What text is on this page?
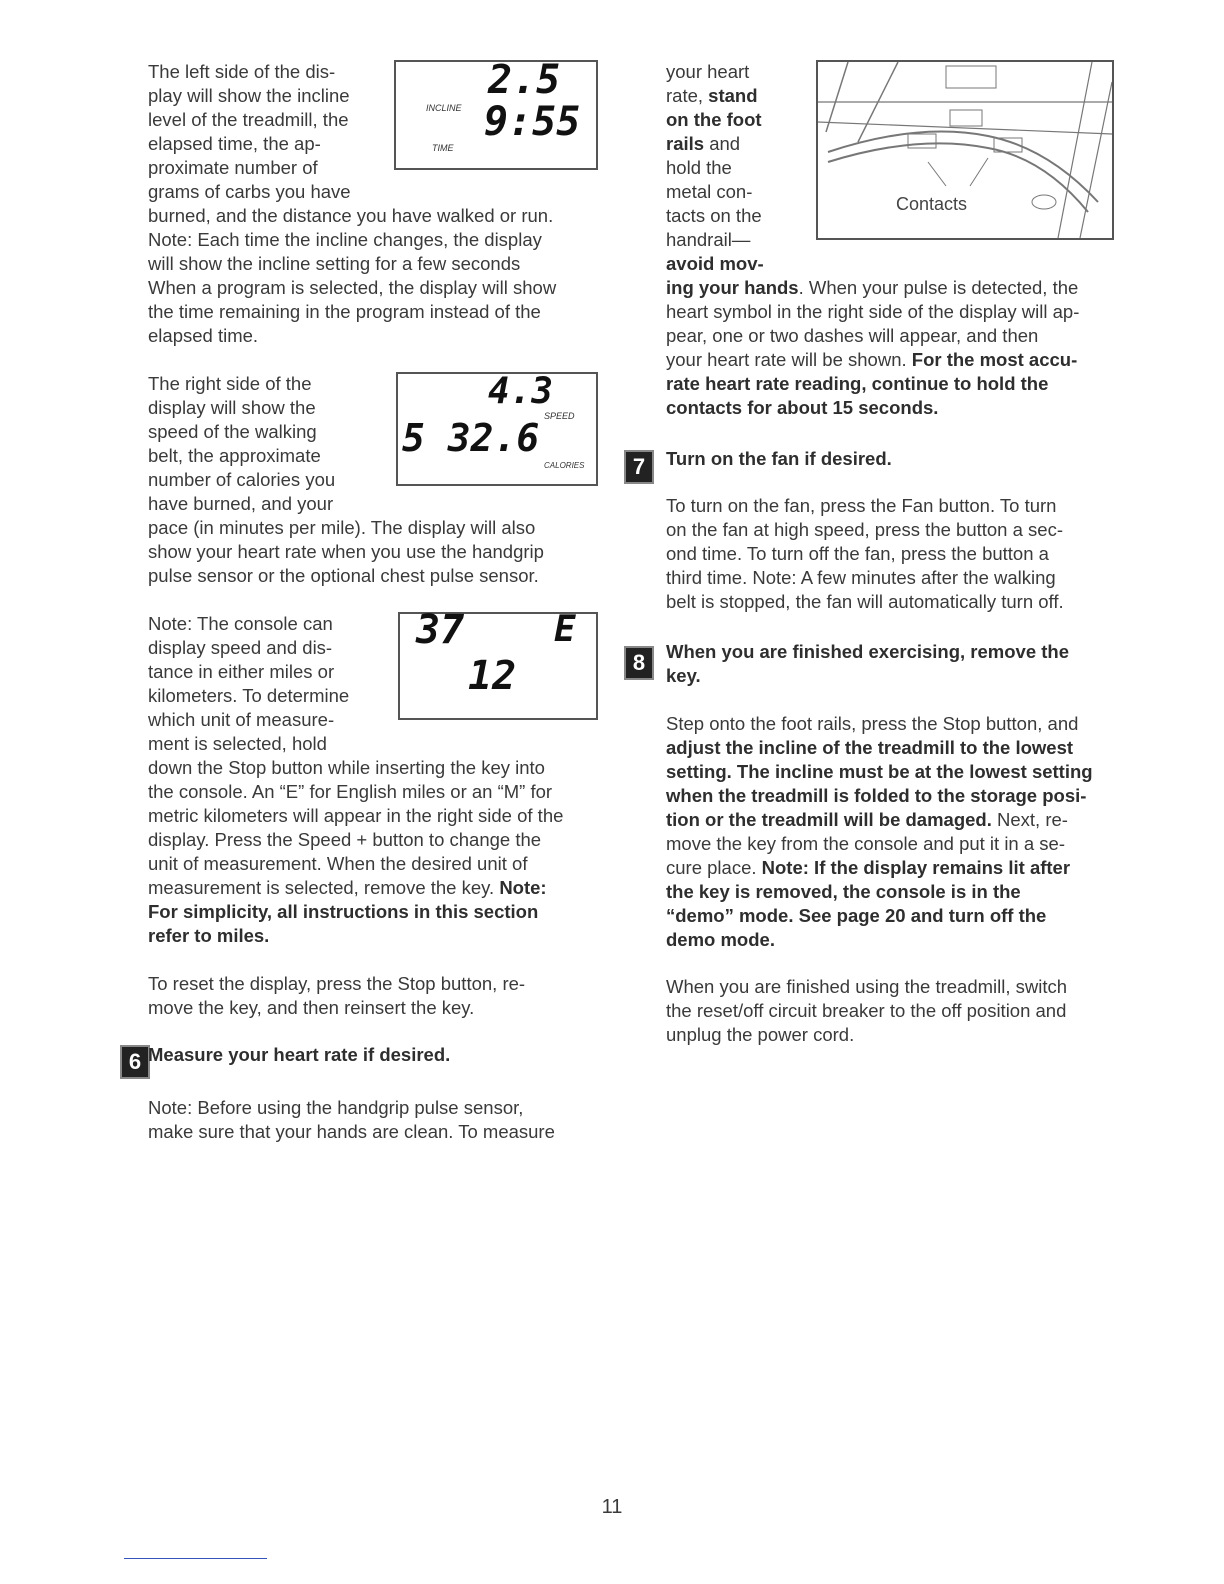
INCLINE
TIME
2.5
9:55

The left side of the dis-
play will show the incline
level of the treadmill, the
elapsed time, the ap-
proximate number of
grams of carbs you have
burned, and the distance you have walked or run.
Note: Each time the incline changes, the display
will show the incline setting for a few seconds
When a program is selected, the display will show
the time remaining in the program instead of the
elapsed time.

4.3
SPEED
5 32.6
CALORIES

The right side of the
display will show the
speed of the walking
belt, the approximate
number of calories you
have burned, and your
pace (in minutes per mile). The display will also
show your heart rate when you use the handgrip
pulse sensor or the optional chest pulse sensor.

37 E
12

Note: The console can
display speed and dis-
tance in either miles or
kilometers. To determine
which unit of measure-
ment is selected, hold
down the Stop button while inserting the key into
the console. An “E” for English miles or an “M” for
metric kilometers will appear in the right side of the
display. Press the Speed + button to change the
unit of measurement. When the desired unit of
measurement is selected, remove the key. Note:
For simplicity, all instructions in this section
refer to miles.

To reset the display, press the Stop button, re-
move the key, and then reinsert the key.

6 Measure your heart rate if desired.
Note: Before using the handgrip pulse sensor,
make sure that your hands are clean. To measure
Contacts

your heart
rate, stand
on the foot
rails and
hold the
metal con-
tacts on the
handrail—
avoid mov-
ing your hands. When your pulse is detected, the
heart symbol in the right side of the display will ap-
pear, one or two dashes will appear, and then
your heart rate will be shown. For the most accu-
rate heart rate reading, continue to hold the
contacts for about 15 seconds.

7	Turn on the fan if desired.
To turn on the fan, press the Fan button. To turn
on the fan at high speed, press the button a sec-
ond time. To turn off the fan, press the button a
third time. Note: A few minutes after the walking
belt is stopped, the fan will automatically turn off.
8	When you are finished exercising, remove the
key.
Step onto the foot rails, press the Stop button, and
adjust the incline of the treadmill to the lowest
setting. The incline must be at the lowest setting
when the treadmill is folded to the storage posi-
tion or the treadmill will be damaged. Next, re-
move the key from the console and put it in a se-
cure place. Note: If the display remains lit after
the key is removed, the console is in the
“demo” mode. See page 20 and turn off the
demo mode.
When you are finished using the treadmill, switch
the reset/off circuit breaker to the off position and
unplug the power cord.
11
